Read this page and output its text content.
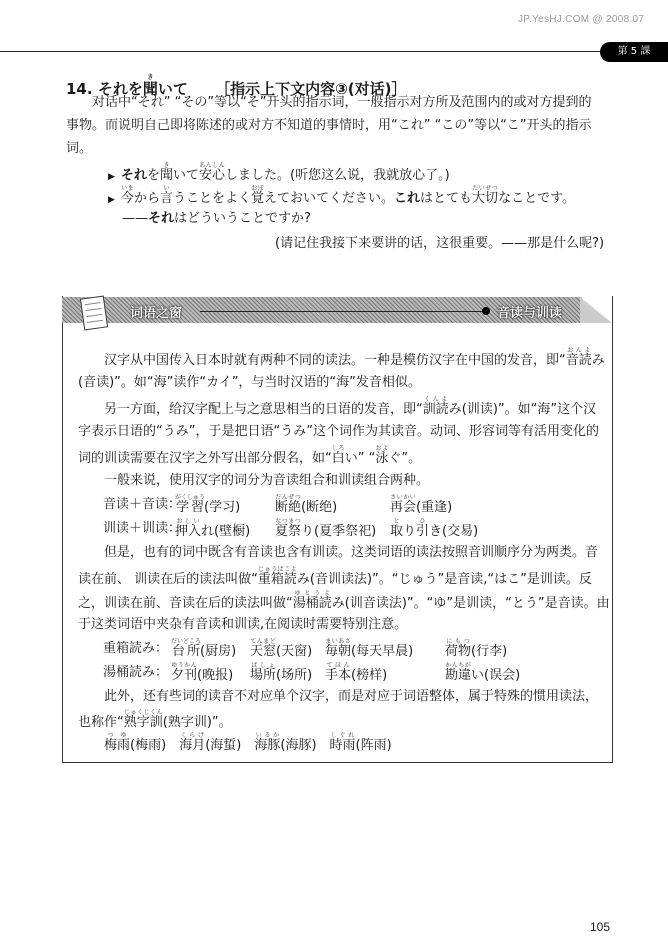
JP.YesHJ.COM @ 2008.07
第 5 課
14. それを聞きいて ［指示上下文内容③(对话)］
　　对话中“それ” “その”等以“そ”开头的指示词，一般指示对方所及范围内的或对方提到的
事物。而说明自己即将陈述的或对方不知道的事情时，用“これ” “この”等以“こ”开头的指示
词。
▶ それを聞きいて安心あんしんしました。(听您这么说，我就放心了。)
▶ 今いまから言いうことをよく覚おぼえておいてください。これはとても大切たいせつなことです。
——それはどういうことですか?
(请记住我接下来要讲的话，这很重要。——那是什么呢?)
词语之窗	音读与训读
　　汉字从中国传入日本时就有两种不同的读法。一种是模仿汉字在中国的发音，即“音読おんよみ
(音读)”。如“海”读作“カイ”，与当时汉语的“海”发音相似。
　　另一方面，给汉字配上与之意思相当的日语的发音，即“訓読くんよみ(训读)”。如“海”这个汉
字表示日语的“うみ”，于是把日语“うみ”这个词作为其读音。动词、形容词等有活用变化的
词的训读需要在汉字之外写出部分假名，如“白しろい” “泳およぐ”。
　　一般来说，使用汉字的词分为音读组合和训读组合两种。
音读＋音读：
学習がくしゅう(学习)	断絶だんぜつ(断绝)	再会さいかい(重逢)
训读＋训读：
押入おしいれ(壁橱) 夏祭なつまつり(夏季祭祀) 取とり引ひき(交易)
　　但是，也有的词中既含有音读也含有训读。这类词语的读法按照音训顺序分为两类。音
读在前、 训读在后的读法叫做“重箱読じゅうばこよみ(音训读法)”。“じゅう”是音读,“はこ”是训读。反
之，训读在前、音读在后的读法叫做“湯桶読ゆとうよみ(训音读法)”。“ゆ”是训读，“とう”是音读。由
于这类词语中夹杂有音读和训读,在阅读时需要特别注意。
重箱読み： 台所だいどころ(厨房) 天窓てんまど(天窗) 毎朝まいあさ(每天早晨) 荷物にもつ(行李)
湯桶読み： 夕刊ゆうかん(晚报) 場所ばしょ(场所) 手本てほん(榜样)	勘違かんちがい(误会)
　　此外，还有些词的读音不对应单个汉字，而是对应于词语整体，属于特殊的惯用读法，
也称作“熟字訓じゅくじくん(熟字训)”。
　　梅雨つゆ(梅雨)　海月くらげ(海蜇)　海豚いるか(海豚)　時雨しぐれ(阵雨)
105
